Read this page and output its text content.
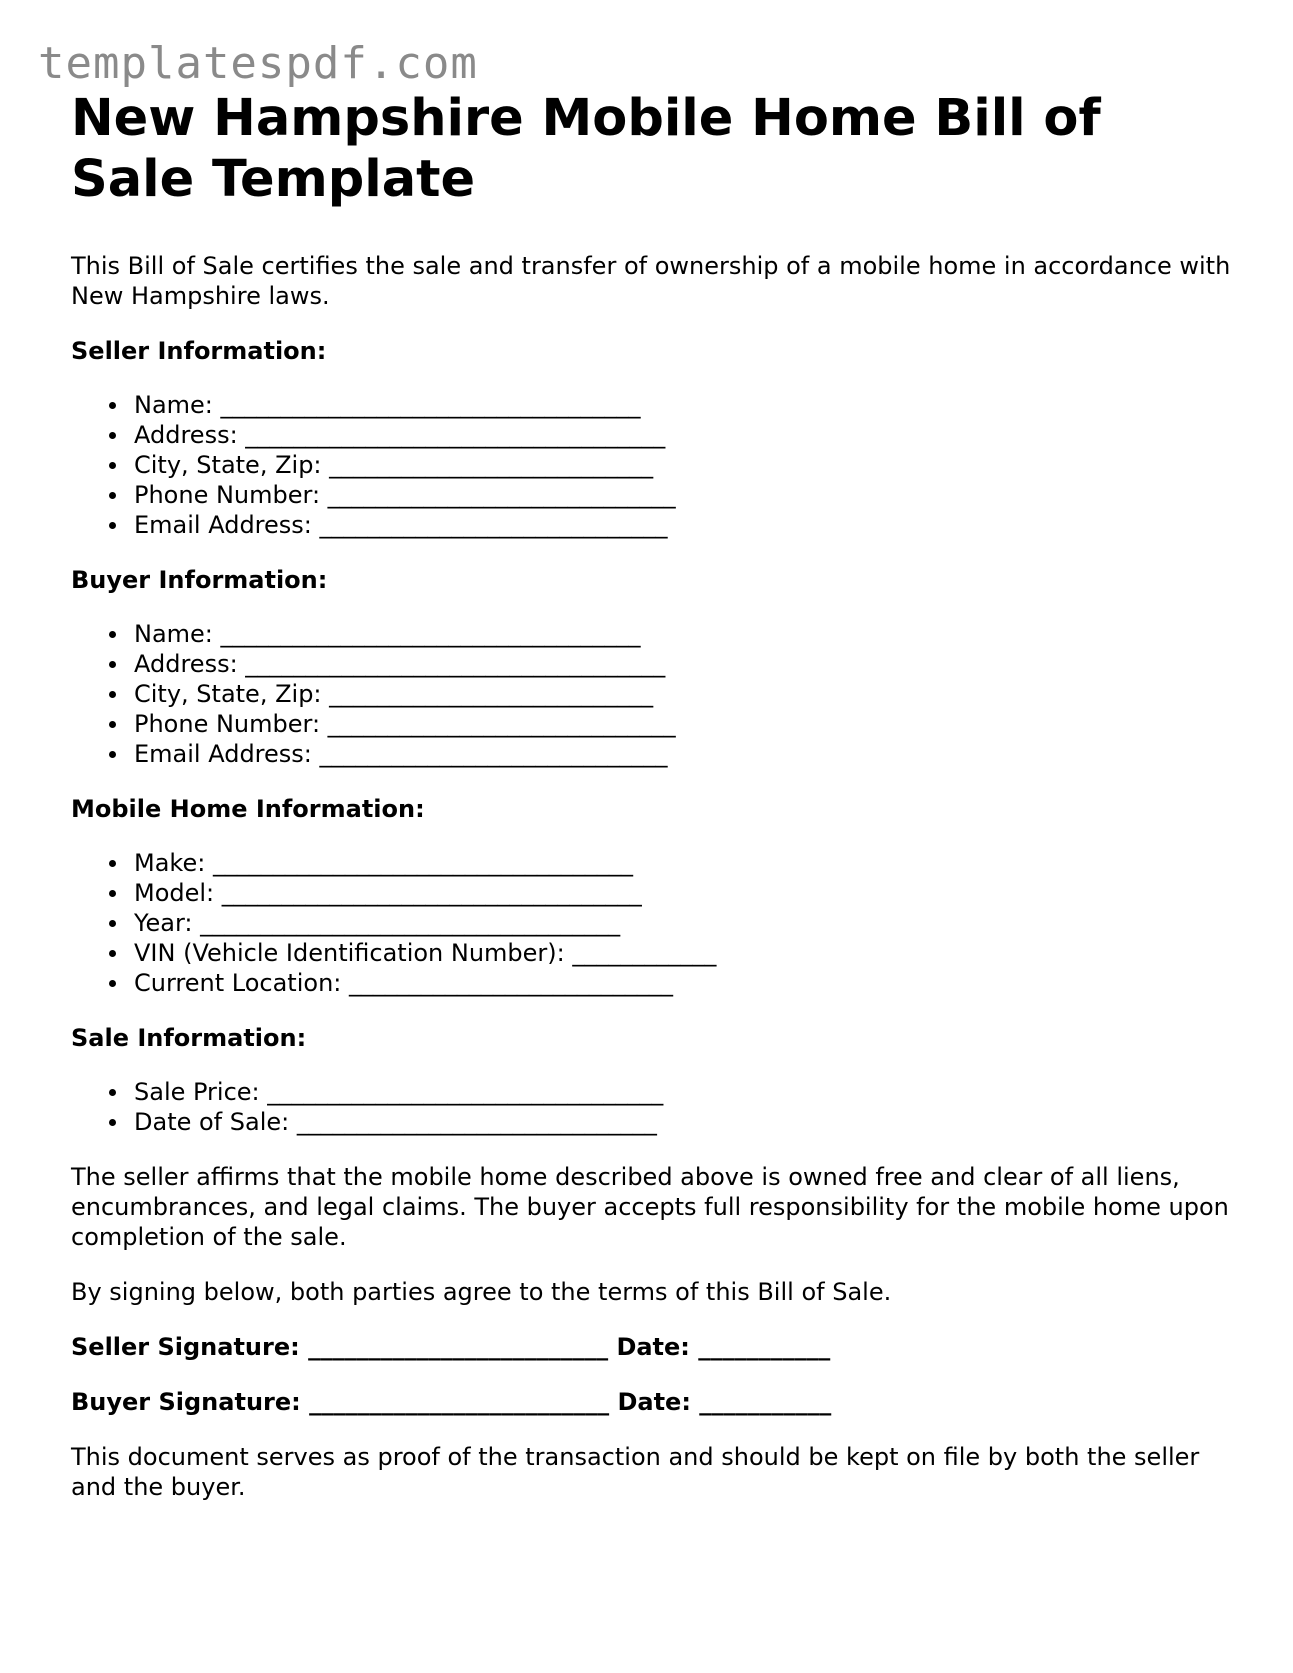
templatespdf.com
New Hampshire Mobile Home Bill of Sale Template

This Bill of Sale certifies the sale and transfer of ownership of a mobile home in accordance with New Hampshire laws.

Seller Information:
Name: ___________________________________
Address: ___________________________________
City, State, Zip: ___________________________
Phone Number: _____________________________
Email Address: _____________________________
Buyer Information:
Name: ___________________________________
Address: ___________________________________
City, State, Zip: ___________________________
Phone Number: _____________________________
Email Address: _____________________________
Mobile Home Information:
Make: ___________________________________
Model: ___________________________________
Year: ___________________________________
VIN (Vehicle Identification Number): ____________
Current Location: ___________________________
Sale Information:
Sale Price: _________________________________
Date of Sale: ______________________________

The seller affirms that the mobile home described above is owned free and clear of all liens, encumbrances, and legal claims. The buyer accepts full responsibility for the mobile home upon completion of the sale.

By signing below, both parties agree to the terms of this Bill of Sale.

Seller Signature: _________________________ Date: ___________
Buyer Signature: _________________________ Date: ___________

This document serves as proof of the transaction and should be kept on file by both the seller and the buyer.
